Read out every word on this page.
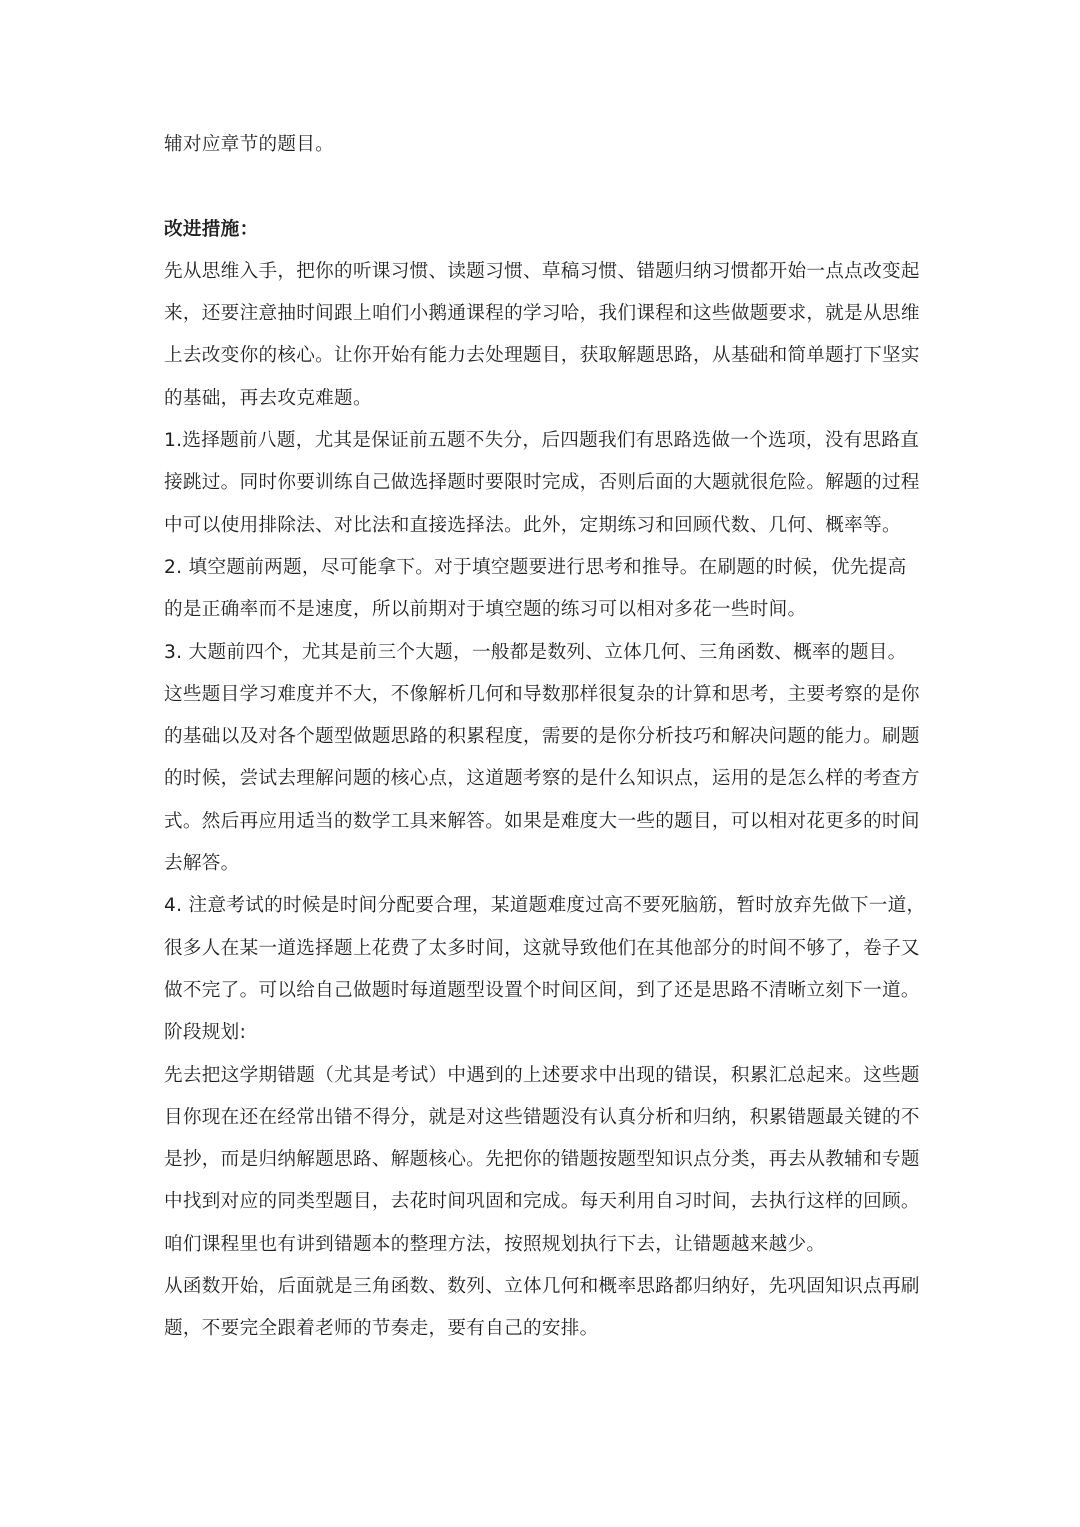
辅对应章节的题目。

改进措施：

先从思维入手，把你的听课习惯、读题习惯、草稿习惯、错题归纳习惯都开始一点点改变起

来，还要注意抽时间跟上咱们小鹅通课程的学习哈，我们课程和这些做题要求，就是从思维

上去改变你的核心。让你开始有能力去处理题目，获取解题思路，从基础和简单题打下坚实

的基础，再去攻克难题。

1.选择题前八题，尤其是保证前五题不失分，后四题我们有思路选做一个选项，没有思路直

接跳过。同时你要训练自己做选择题时要限时完成，否则后面的大题就很危险。解题的过程

中可以使用排除法、对比法和直接选择法。此外，定期练习和回顾代数、几何、概率等。

2. 填空题前两题，尽可能拿下。对于填空题要进行思考和推导。在刷题的时候，优先提高

的是正确率而不是速度，所以前期对于填空题的练习可以相对多花一些时间。

3. 大题前四个，尤其是前三个大题，一般都是数列、立体几何、三角函数、概率的题目。

这些题目学习难度并不大，不像解析几何和导数那样很复杂的计算和思考，主要考察的是你

的基础以及对各个题型做题思路的积累程度，需要的是你分析技巧和解决问题的能力。刷题

的时候，尝试去理解问题的核心点，这道题考察的是什么知识点，运用的是怎么样的考查方

式。然后再应用适当的数学工具来解答。如果是难度大一些的题目，可以相对花更多的时间

去解答。

4. 注意考试的时候是时间分配要合理，某道题难度过高不要死脑筋，暂时放弃先做下一道，

很多人在某一道选择题上花费了太多时间，这就导致他们在其他部分的时间不够了，卷子又

做不完了。可以给自己做题时每道题型设置个时间区间，到了还是思路不清晰立刻下一道。

阶段规划:

先去把这学期错题（尤其是考试）中遇到的上述要求中出现的错误，积累汇总起来。这些题

目你现在还在经常出错不得分，就是对这些错题没有认真分析和归纳，积累错题最关键的不

是抄，而是归纳解题思路、解题核心。先把你的错题按题型知识点分类，再去从教辅和专题

中找到对应的同类型题目，去花时间巩固和完成。每天利用自习时间，去执行这样的回顾。

咱们课程里也有讲到错题本的整理方法，按照规划执行下去，让错题越来越少。

从函数开始，后面就是三角函数、数列、立体几何和概率思路都归纳好，先巩固知识点再刷

题，不要完全跟着老师的节奏走，要有自己的安排。
